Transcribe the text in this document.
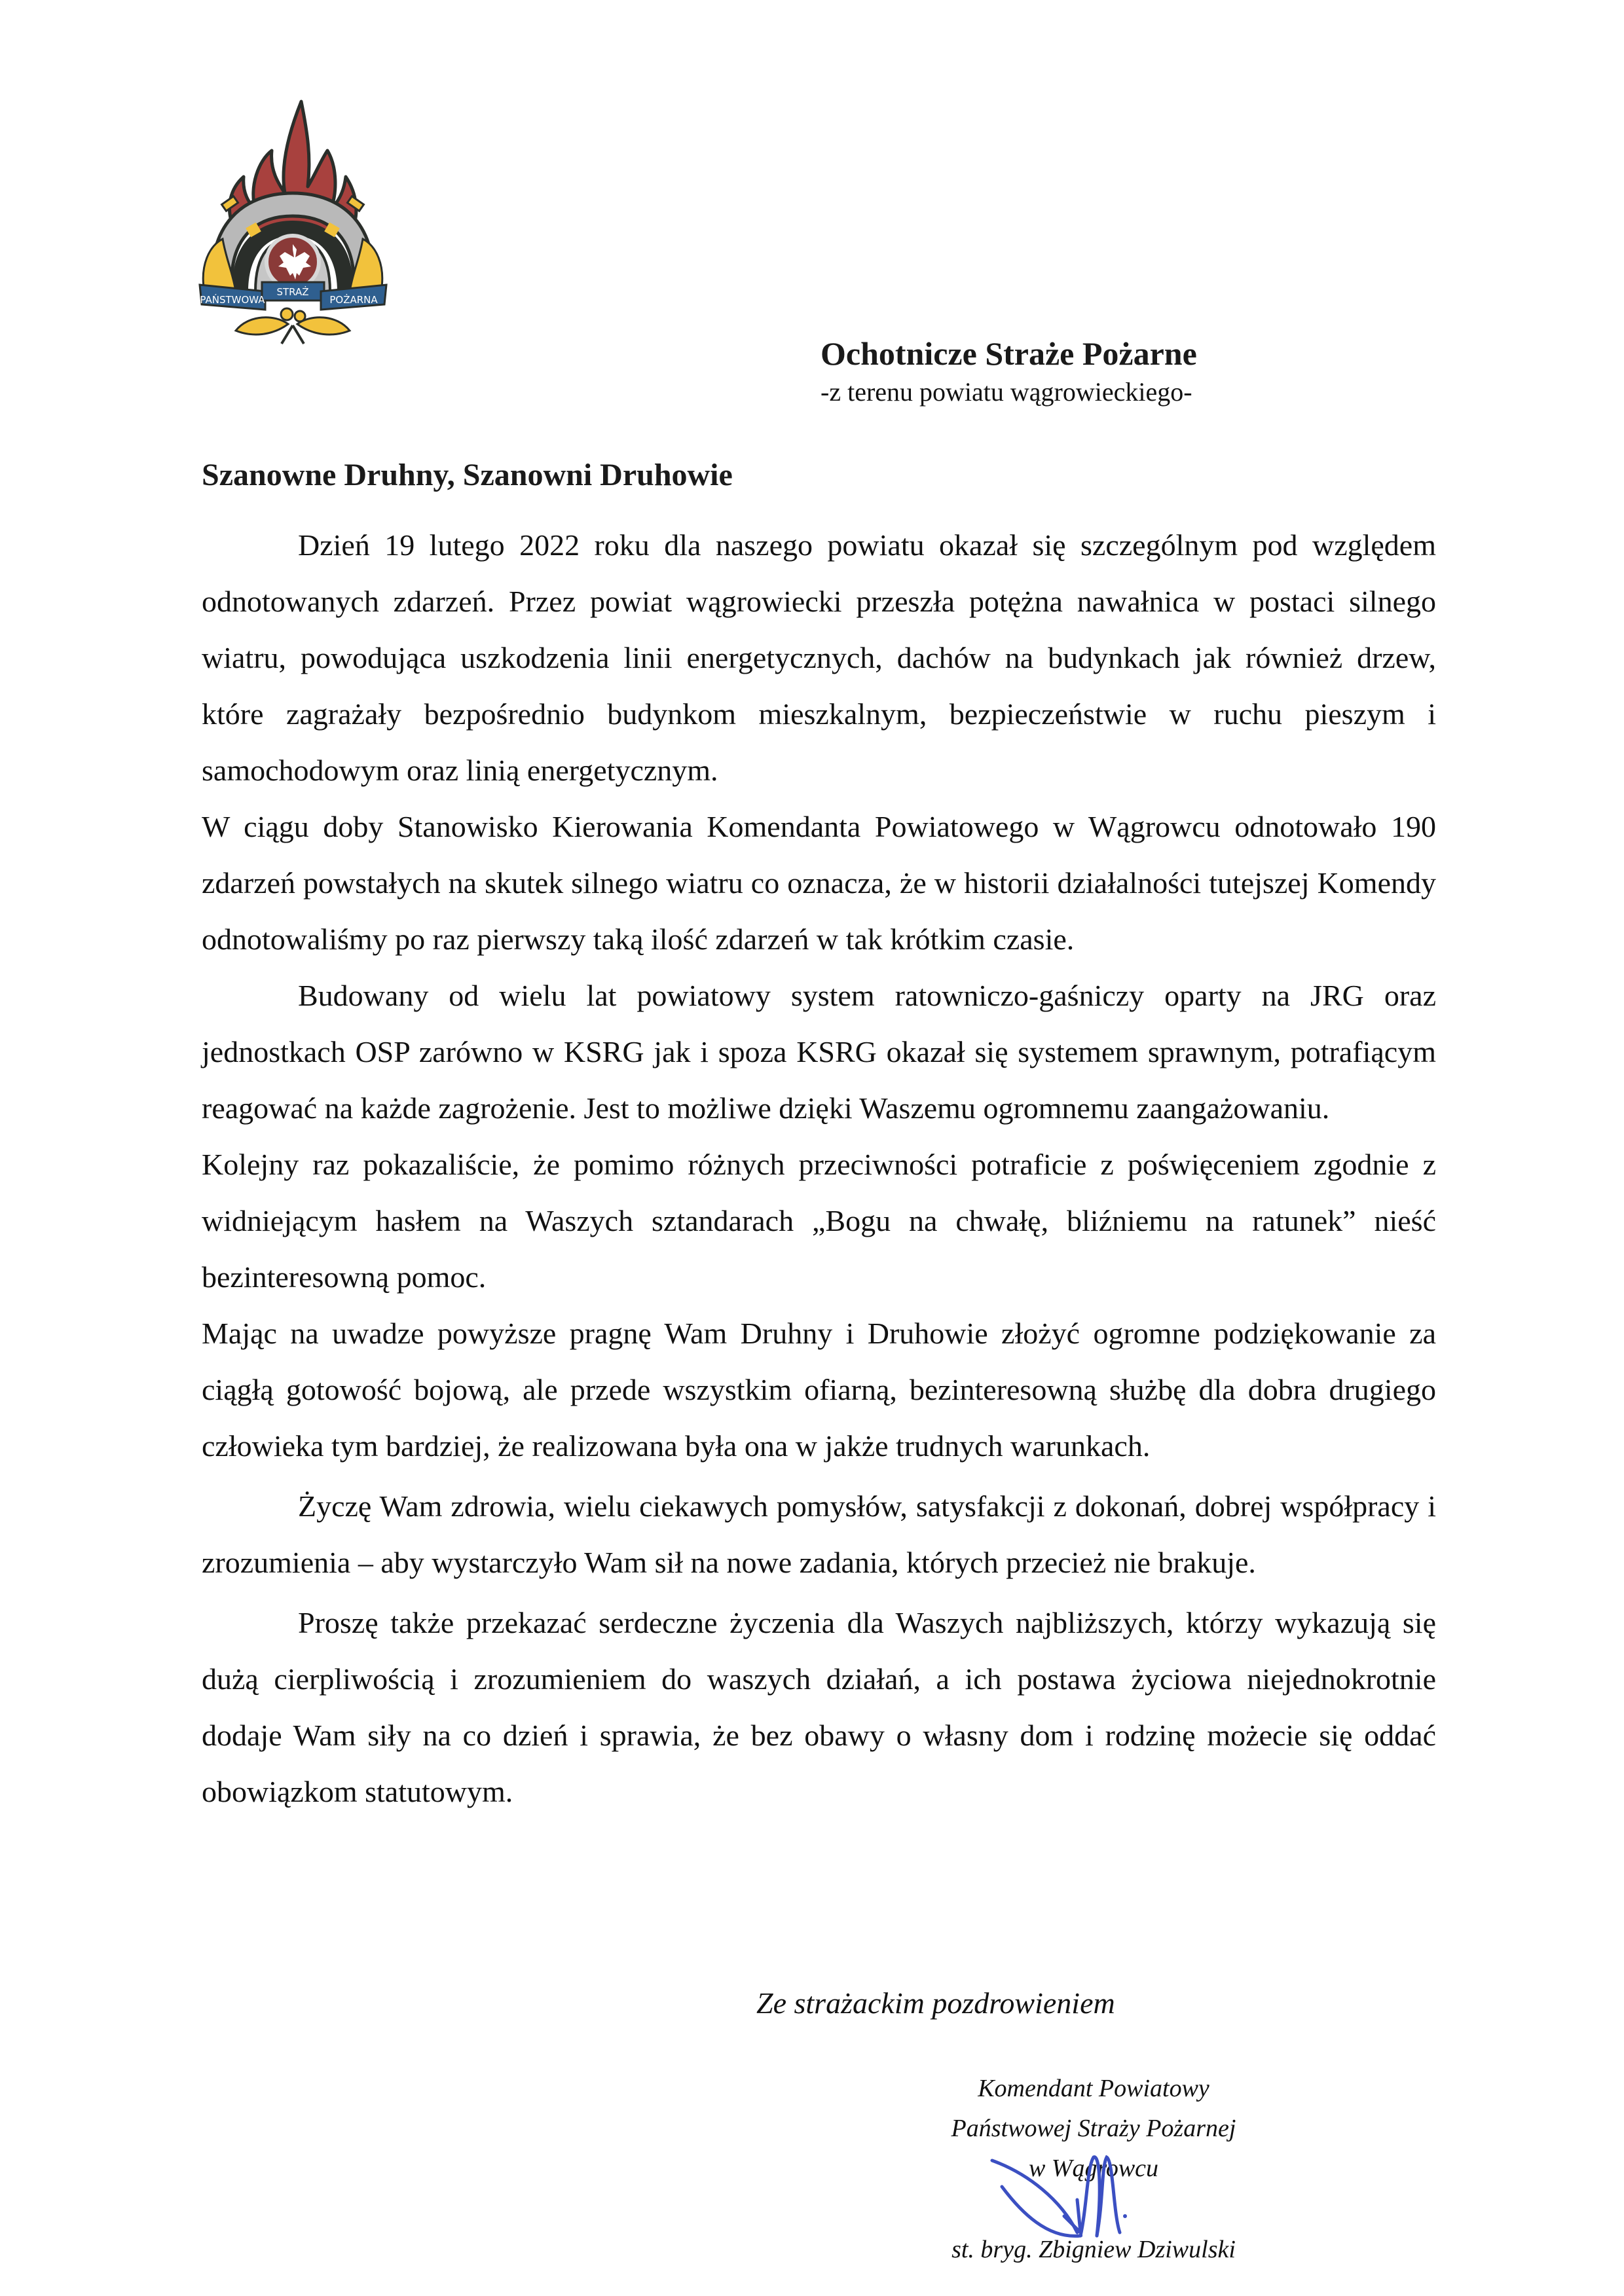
PAŃSTWOWA
STRAŻ
POŻARNA
Ochotnicze Straże Pożarne
-z terenu powiatu wągrowieckiego-
Szanowne Druhny, Szanowni Druhowie

Dzień 19 lutego 2022 roku dla naszego powiatu okazał się szczególnym pod względem odnotowanych zdarzeń. Przez powiat wągrowiecki przeszła potężna nawałnica w postaci silnego wiatru, powodująca uszkodzenia linii energetycznych, dachów na budynkach jak również drzew, które zagrażały bezpośrednio budynkom mieszkalnym, bezpieczeństwie w ruchu pieszym i samochodowym oraz linią energetycznym.

W ciągu doby Stanowisko Kierowania Komendanta Powiatowego w Wągrowcu odnotowało 190 zdarzeń powstałych na skutek silnego wiatru co oznacza, że w historii działalności tutejszej Komendy odnotowaliśmy po raz pierwszy taką ilość zdarzeń w tak krótkim czasie.

Budowany od wielu lat powiatowy system ratowniczo-gaśniczy oparty na JRG oraz jednostkach OSP zarówno w KSRG jak i spoza KSRG okazał się systemem sprawnym, potrafiącym reagować na każde zagrożenie. Jest to możliwe dzięki Waszemu ogromnemu zaangażowaniu.

Kolejny raz pokazaliście, że pomimo różnych przeciwności potraficie z poświęceniem zgodnie z widniejącym hasłem na Waszych sztandarach „Bogu na chwałę, bliźniemu na ratunek” nieść bezinteresowną pomoc.

Mając na uwadze powyższe pragnę Wam Druhny i Druhowie złożyć ogromne podziękowanie za ciągłą gotowość bojową, ale przede wszystkim ofiarną, bezinteresowną służbę dla dobra drugiego człowieka tym bardziej, że realizowana była ona w jakże trudnych warunkach.

Życzę Wam zdrowia, wielu ciekawych pomysłów, satysfakcji z dokonań, dobrej współpracy i zrozumienia – aby wystarczyło Wam sił na nowe zadania, których przecież nie brakuje.

Proszę także przekazać serdeczne życzenia dla Waszych najbliższych, którzy wykazują się dużą cierpliwością i zrozumieniem do waszych działań, a ich postawa życiowa niejednokrotnie dodaje Wam siły na co dzień i sprawia, że bez obawy o własny dom i rodzinę możecie się oddać obowiązkom statutowym.

Ze strażackim pozdrowieniem
Komendant Powiatowy
Państwowej Straży Pożarnej
w Wągrowcu
st. bryg. Zbigniew Dziwulski
